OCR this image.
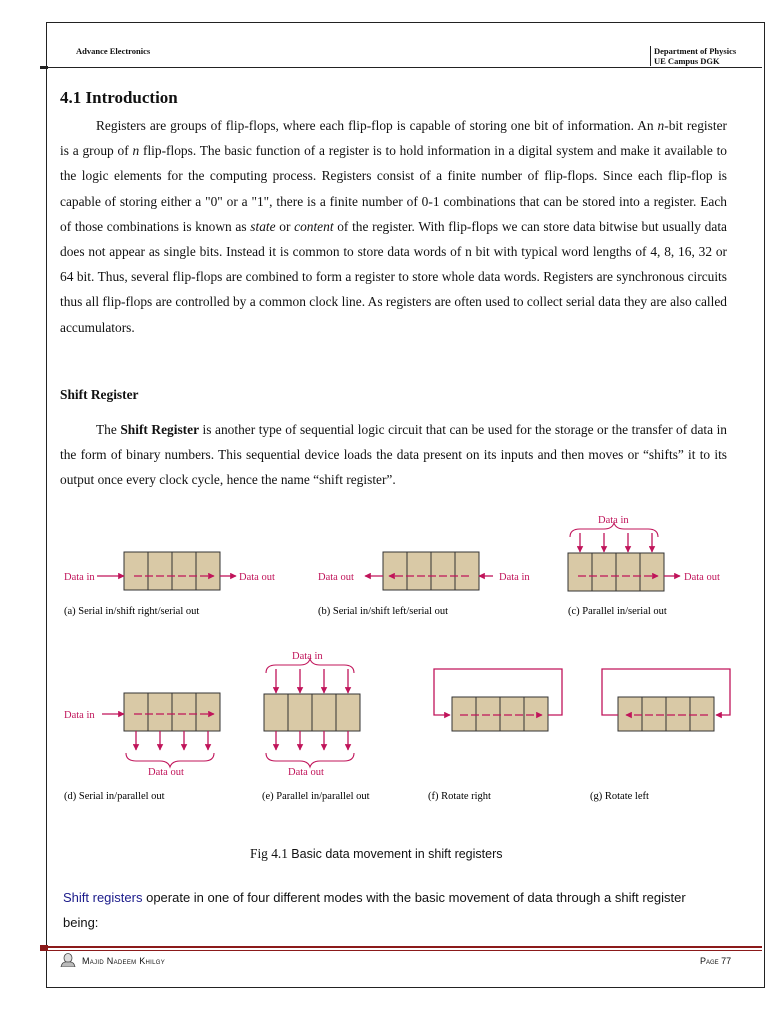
Advance Electronics	Department of Physics
UE Campus DGK
4.1 Introduction
Registers are groups of flip-flops, where each flip-flop is capable of storing one bit of information. An n-bit register is a group of n flip-flops. The basic function of a register is to hold information in a digital system and make it available to the logic elements for the computing process. Registers consist of a finite number of flip-flops. Since each flip-flop is capable of storing either a "0" or a "1", there is a finite number of 0-1 combinations that can be stored into a register. Each of those combinations is known as state or content of the register. With flip-flops we can store data bitwise but usually data does not appear as single bits. Instead it is common to store data words of n bit with typical word lengths of 4, 8, 16, 32 or 64 bit. Thus, several flip-flops are combined to form a register to store whole data words. Registers are synchronous circuits thus all flip-flops are controlled by a common clock line. As registers are often used to collect serial data they are also called accumulators.
Shift Register
The Shift Register is another type of sequential logic circuit that can be used for the storage or the transfer of data in the form of binary numbers. This sequential device loads the data present on its inputs and then moves or “shifts” it to its output once every clock cycle, hence the name “shift register”.
Data in	Data out
(a) Serial in/shift right/serial out
Data out	Data in
(b) Serial in/shift left/serial out
Data in
Data out
(c) Parallel in/serial out
Data in
Data out
(d) Serial in/parallel out
Data in
Data out
(e) Parallel in/parallel out	(f) Rotate right	(g) Rotate left
Fig 4.1 Basic data movement in shift registers
Shift registers operate in one of four different modes with the basic movement of data through a shift register being:
Majid Nadeem Khilgy	Page 77
